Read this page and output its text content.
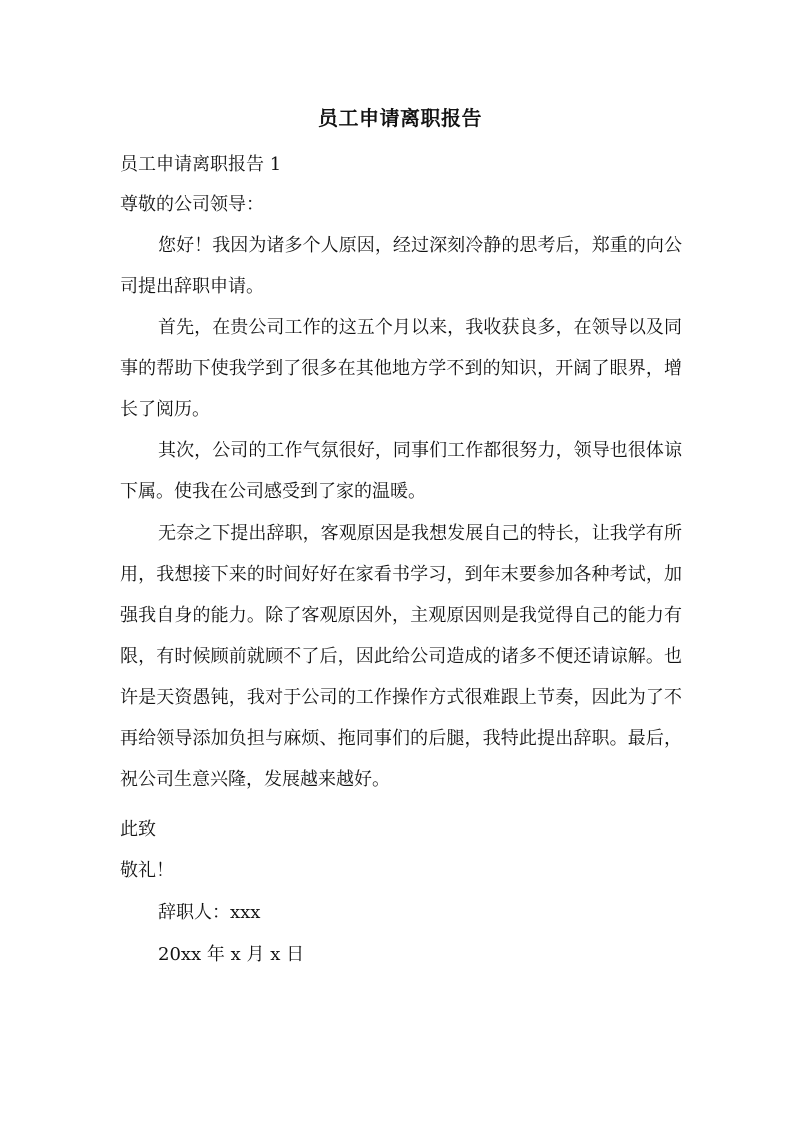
员工申请离职报告

员工申请离职报告 1

尊敬的公司领导：

您好！我因为诸多个人原因，经过深刻冷静的思考后，郑重的向公司提出辞职申请。

首先，在贵公司工作的这五个月以来，我收获良多，在领导以及同事的帮助下使我学到了很多在其他地方学不到的知识，开阔了眼界，增长了阅历。

其次，公司的工作气氛很好，同事们工作都很努力，领导也很体谅下属。使我在公司感受到了家的温暖。

无奈之下提出辞职，客观原因是我想发展自己的特长，让我学有所用，我想接下来的时间好好在家看书学习，到年末要参加各种考试，加强我自身的能力。除了客观原因外，主观原因则是我觉得自己的能力有限，有时候顾前就顾不了后，因此给公司造成的诸多不便还请谅解。也许是天资愚钝，我对于公司的工作操作方式很难跟上节奏，因此为了不再给领导添加负担与麻烦、拖同事们的后腿，我特此提出辞职。最后，祝公司生意兴隆，发展越来越好。

此致

敬礼！

辞职人：xxx

20xx 年 x 月 x 日
